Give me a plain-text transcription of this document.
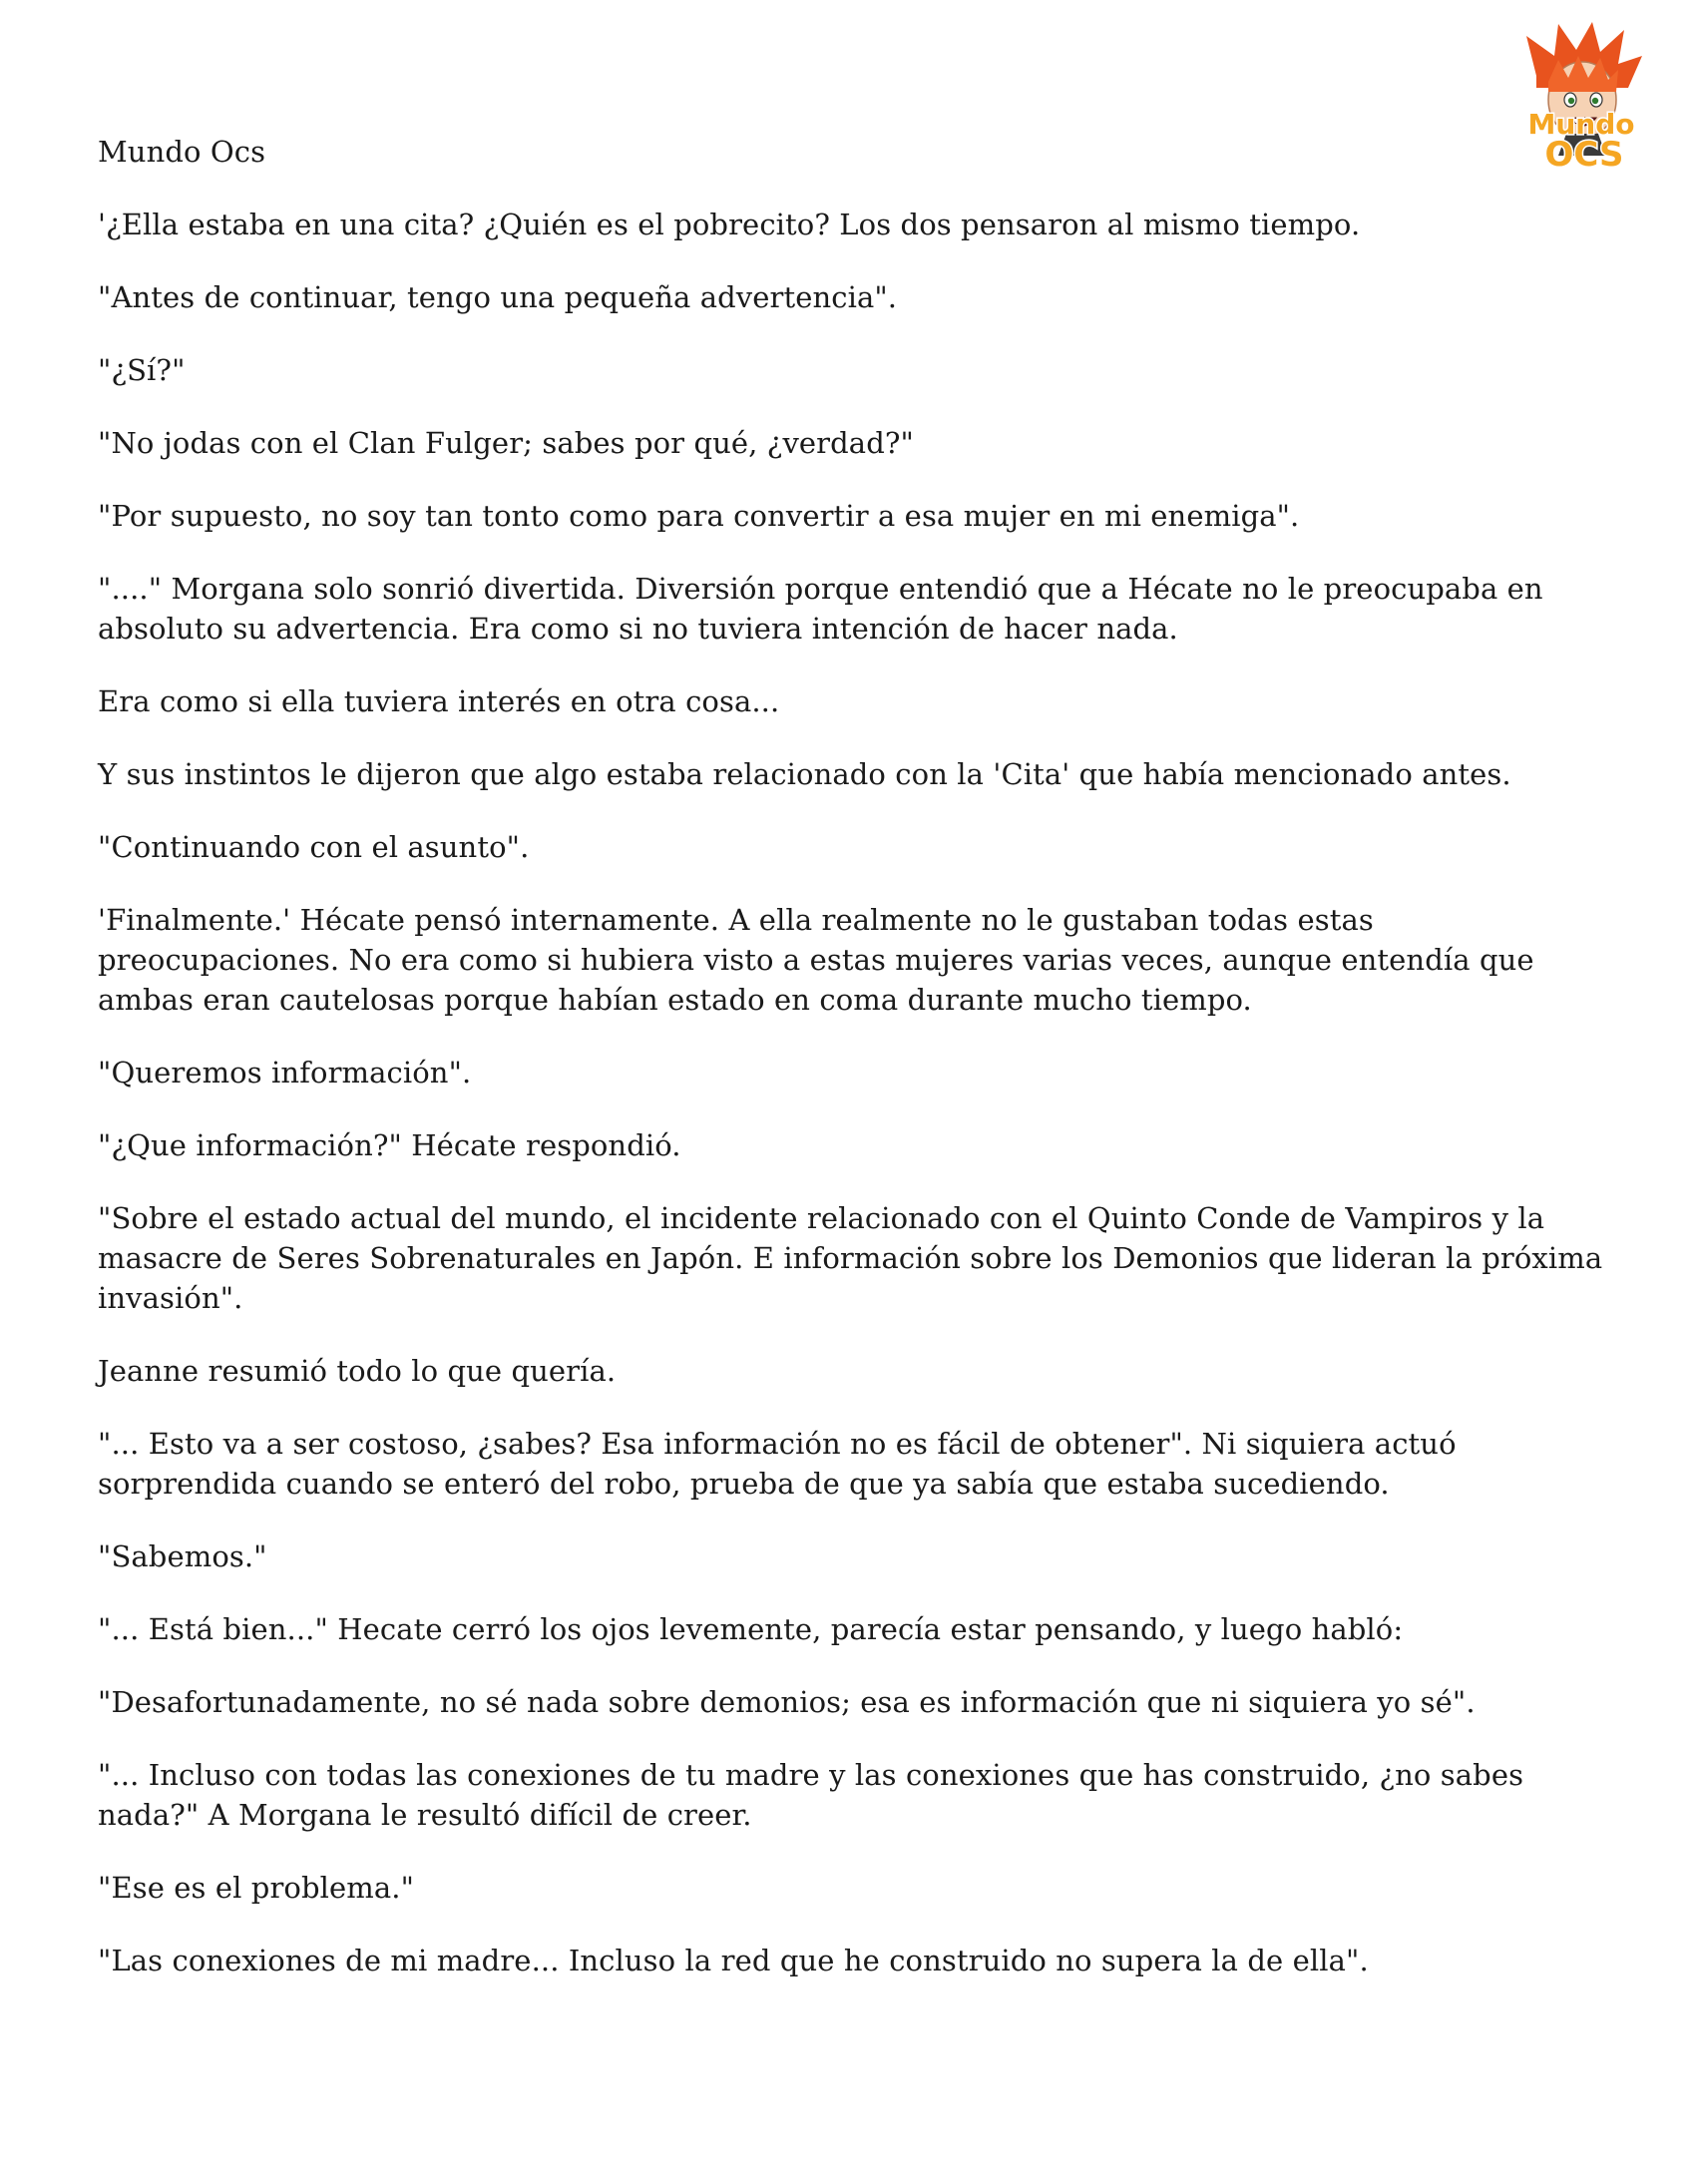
Mundo
OCS

Mundo Ocs

'¿Ella estaba en una cita? ¿Quién es el pobrecito? Los dos pensaron al mismo tiempo.

"Antes de continuar, tengo una pequeña advertencia".

"¿Sí?"

"No jodas con el Clan Fulger; sabes por qué, ¿verdad?"

"Por supuesto, no soy tan tonto como para convertir a esa mujer en mi enemiga".

"...." Morgana solo sonrió divertida. Diversión porque entendió que a Hécate no le preocupaba en absoluto su advertencia. Era como si no tuviera intención de hacer nada.

Era como si ella tuviera interés en otra cosa...

Y sus instintos le dijeron que algo estaba relacionado con la 'Cita' que había mencionado antes.

"Continuando con el asunto".

'Finalmente.' Hécate pensó internamente. A ella realmente no le gustaban todas estas preocupaciones. No era como si hubiera visto a estas mujeres varias veces, aunque entendía que ambas eran cautelosas porque habían estado en coma durante mucho tiempo.

"Queremos información".

"¿Que información?" Hécate respondió.

"Sobre el estado actual del mundo, el incidente relacionado con el Quinto Conde de Vampiros y la masacre de Seres Sobrenaturales en Japón. E información sobre los Demonios que lideran la próxima invasión".

Jeanne resumió todo lo que quería.

"... Esto va a ser costoso, ¿sabes? Esa información no es fácil de obtener". Ni siquiera actuó sorprendida cuando se enteró del robo, prueba de que ya sabía que estaba sucediendo.

"Sabemos."

"... Está bien..." Hecate cerró los ojos levemente, parecía estar pensando, y luego habló:

"Desafortunadamente, no sé nada sobre demonios; esa es información que ni siquiera yo sé".

"... Incluso con todas las conexiones de tu madre y las conexiones que has construido, ¿no sabes nada?" A Morgana le resultó difícil de creer.

"Ese es el problema."

"Las conexiones de mi madre... Incluso la red que he construido no supera la de ella".
